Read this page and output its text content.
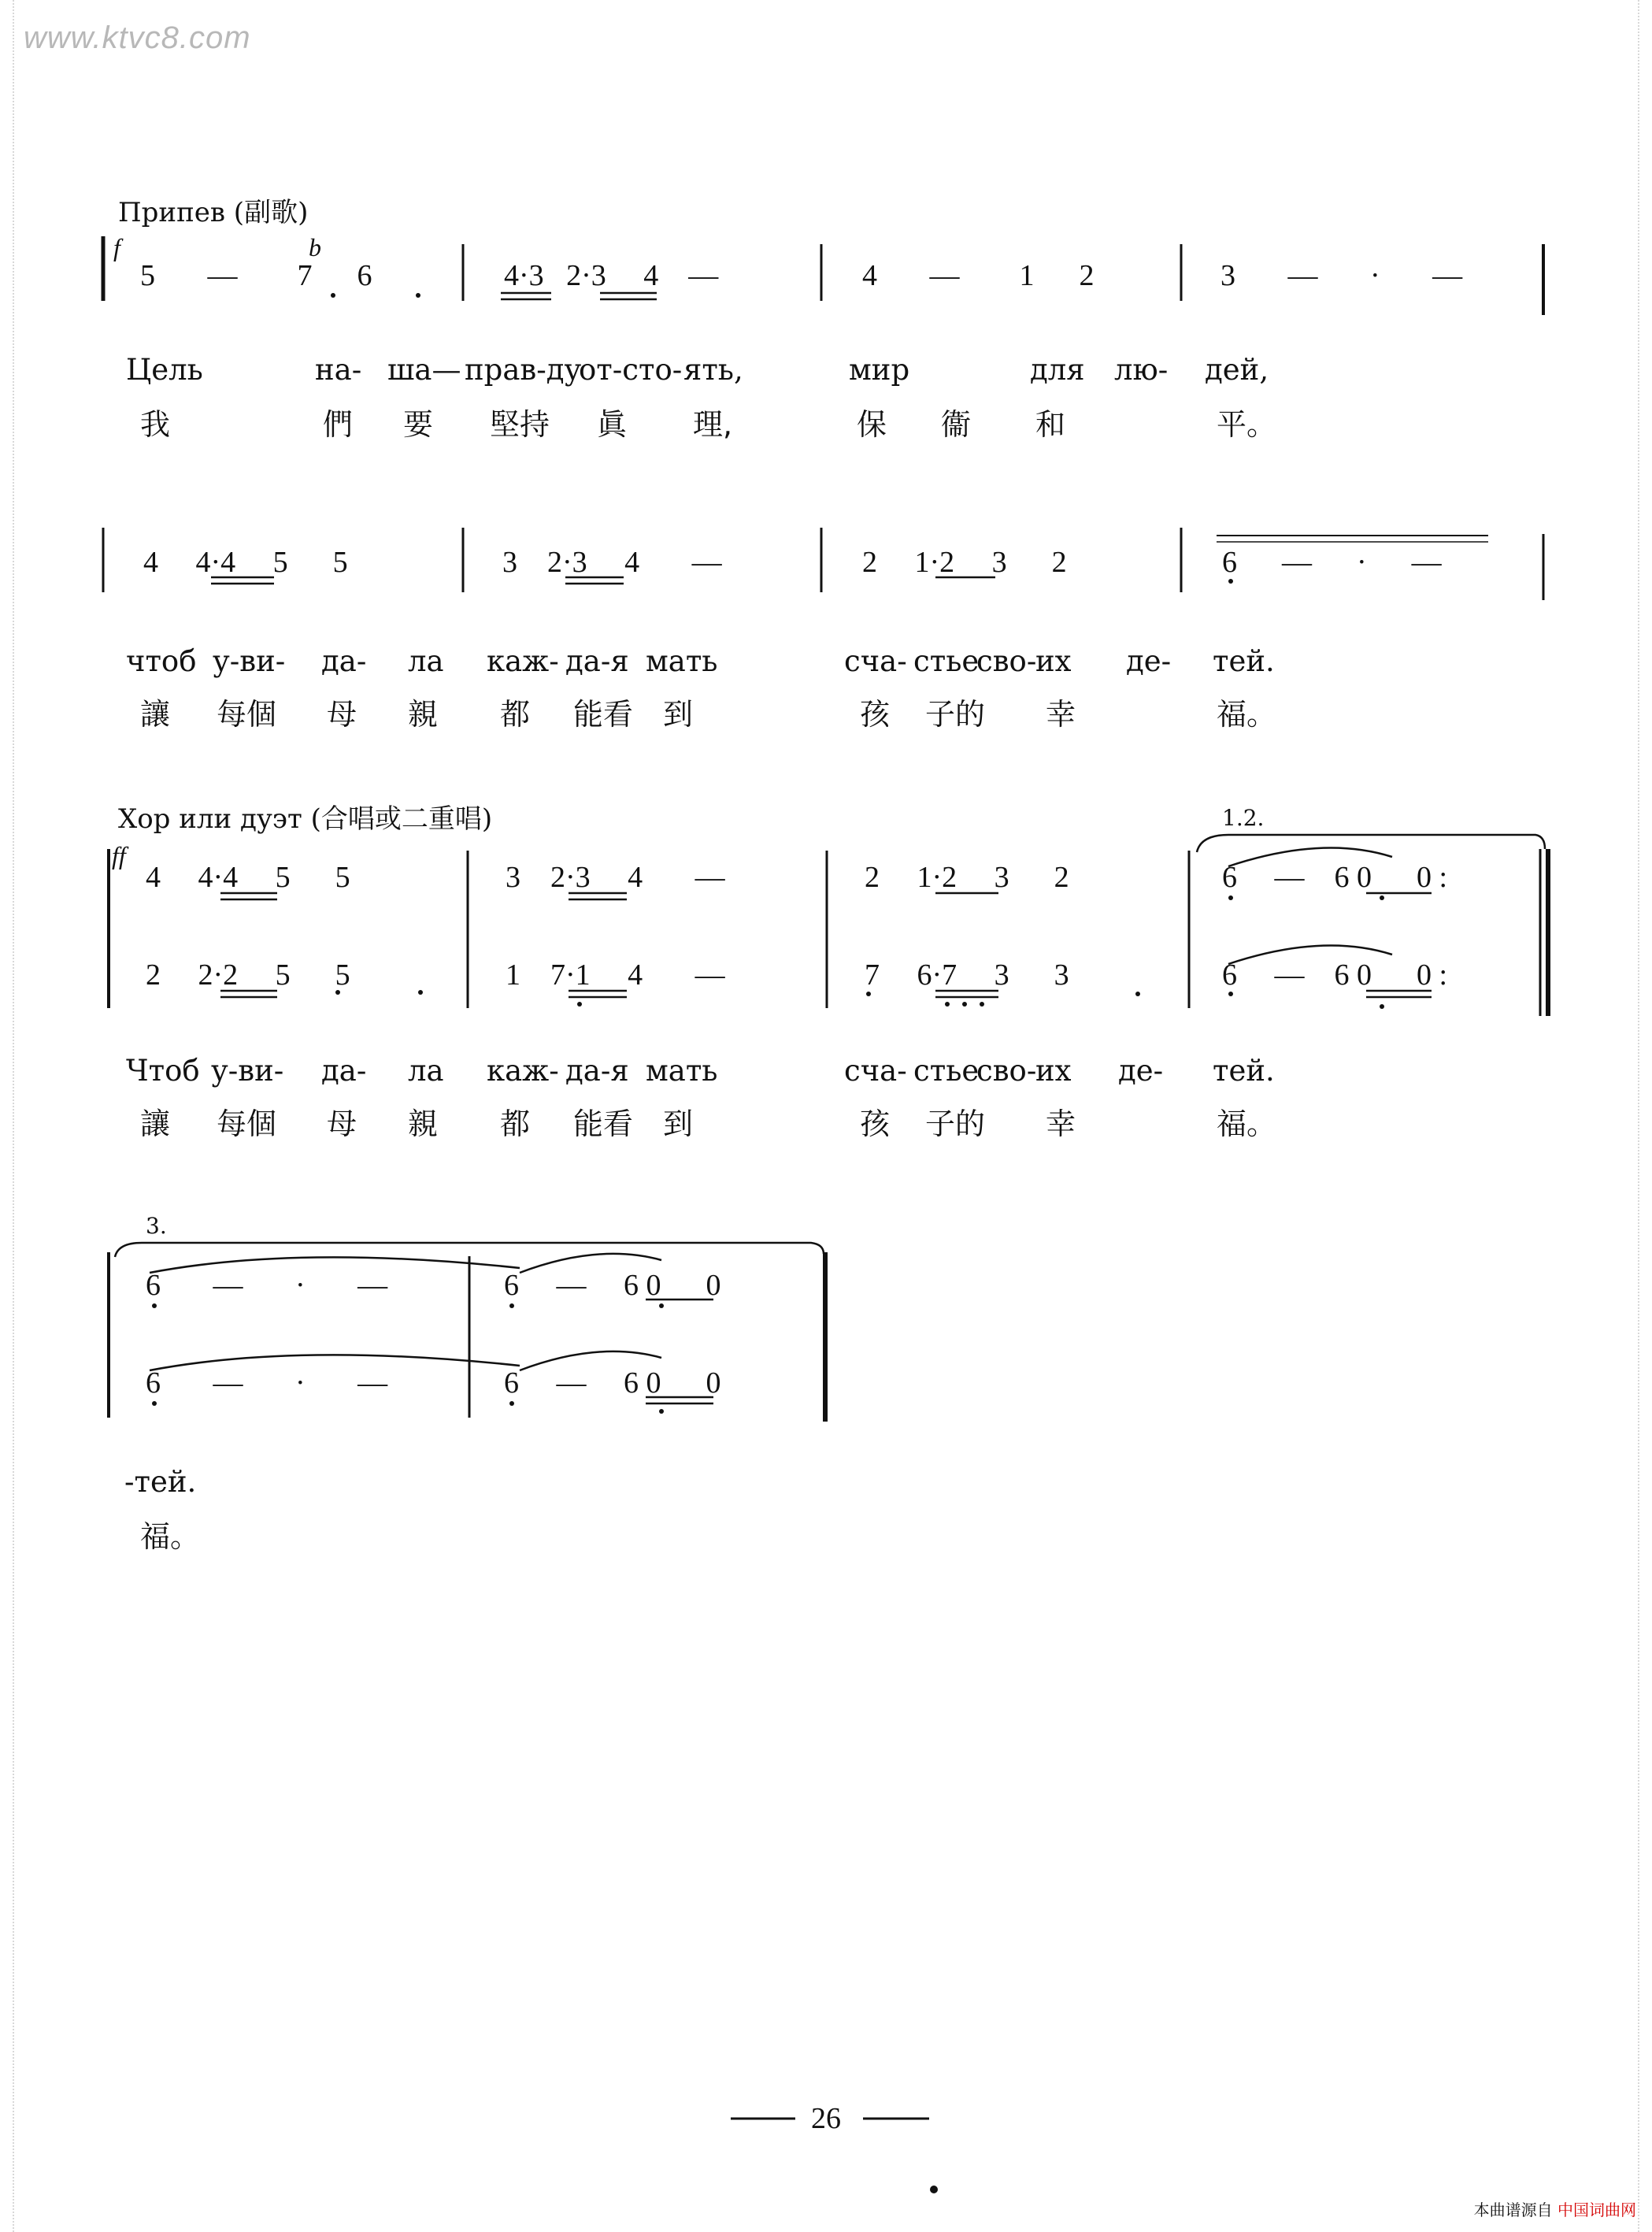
www.ktvc8.com
Припев (副歌)
f	b
5       —        7      6	4·3   2·3     4    —	4       —        1      2	3       —       ·       —
Цель	на- ша— прав-ду
от-сто- ять,	мир	для лю- дей,
我	們 要 堅持 眞 理,	保 衞 和	平。
4     4·4     5      5	3    2·3     4       —	2     1·2     3      2	6      —      ·      —
чтоб у-ви- да- ла каж- да-я мать	сча- стье
сво-
их де- тей.
讓 每個 母 親 都 能看 到	孩 子的 幸	福。
Хор или дуэт (合唱或二重唱)
ff
1.2.
4     4·4     5      5	3    2·3     4       —	2     1·2     3      2	6     —    6 0      0 :
2     2·2     5      5	1    7·1     4       —	7     6·7     3      3	6     —    6 0      0 :
Чтоб у-ви- да- ла каж- да-я мать	сча- стье
сво-
их де- тей.
讓 每個 母 親 都 能看 到	孩 子的 幸	福。
3.
6       —       ·       —	6     —     6 0      0
6       —       ·       —	6     —     6 0      0
-тей.
福。
26
本曲谱源自 中国词曲网
